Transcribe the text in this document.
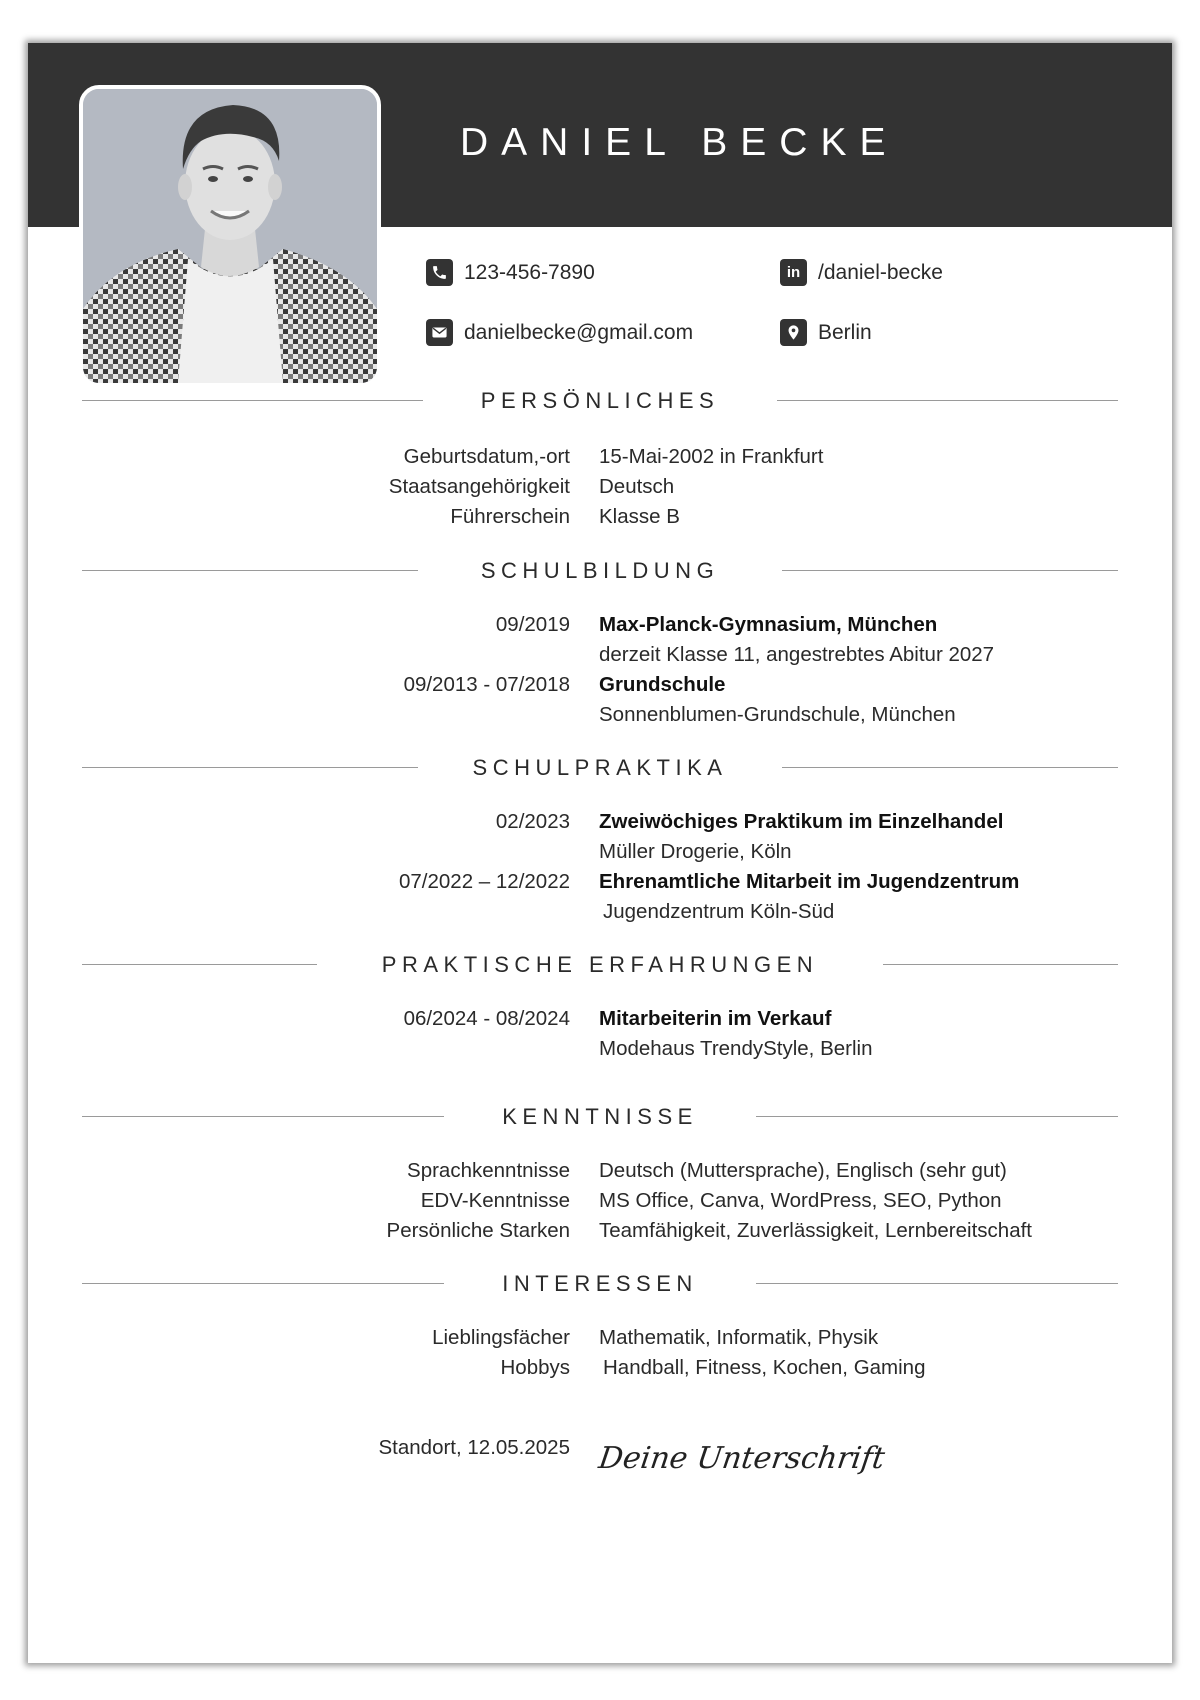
DANIEL BECKE
123-456-7890
danielbecke@gmail.com
in /daniel-becke
Berlin
PERSÖNLICHES
Geburtsdatum,-ort 15-Mai-2002 in Frankfurt
Staatsangehörigkeit Deutsch
Führerschein Klasse B
SCHULBILDUNG
09/2019 Max-Planck-Gymnasium, München
derzeit Klasse 11, angestrebtes Abitur 2027
09/2013 - 07/2018 Grundschule
Sonnenblumen-Grundschule, München
SCHULPRAKTIKA
02/2023 Zweiwöchiges Praktikum im Einzelhandel
Müller Drogerie, Köln
07/2022 – 12/2022 Ehrenamtliche Mitarbeit im Jugendzentrum
Jugendzentrum Köln-Süd
PRAKTISCHE ERFAHRUNGEN
06/2024 - 08/2024 Mitarbeiterin im Verkauf
Modehaus TrendyStyle, Berlin
KENNTNISSE
Sprachkenntnisse Deutsch (Muttersprache), Englisch (sehr gut)
EDV-Kenntnisse MS Office, Canva, WordPress, SEO, Python
Persönliche Starken Teamfähigkeit, Zuverlässigkeit, Lernbereitschaft
INTERESSEN
Lieblingsfächer Mathematik, Informatik, Physik
Hobbys Handball, Fitness, Kochen, Gaming
Standort, 12.05.2025 Deine Unterschrift
